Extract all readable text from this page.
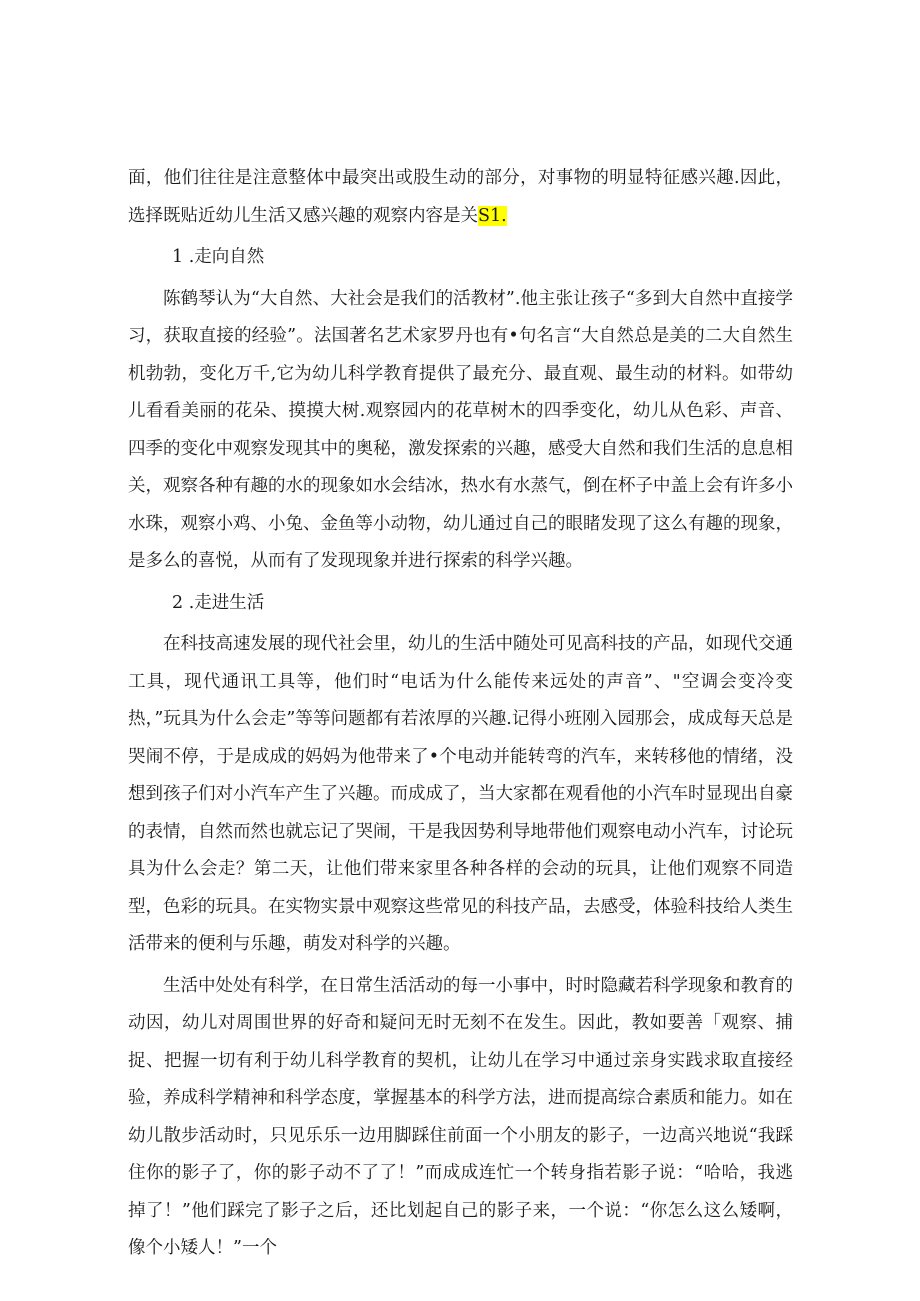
面，他们往往是注意整体中最突出或股生动的部分，对事物的明显特征感兴趣.因此，选择既贴近幼儿生活又感兴趣的观察内容是关S1.

1 .走向自然

陈鹤琴认为“大自然、大社会是我们的活教材”.他主张让孩子“多到大自然中直接学习，获取直接的经验”。法国著名艺术家罗丹也有•句名言“大自然总是美的二大自然生机勃勃，变化万千,它为幼儿科学教育提供了最充分、最直观、最生动的材料。如带幼儿看看美丽的花朵、摸摸大树.观察园内的花草树木的四季变化，幼儿从色彩、声音、四季的变化中观察发现其中的奥秘，激发探索的兴趣，感受大自然和我们生活的息息相关，观察各种有趣的水的现象如水会结冰，热水有水蒸气，倒在杯子中盖上会有许多小水珠，观察小鸡、小兔、金鱼等小动物，幼儿通过自己的眼睹发现了这么有趣的现象，是多么的喜悦，从而有了发现现象并进行探索的科学兴趣。

2 .走进生活

在科技高速发展的现代社会里，幼儿的生活中随处可见高科技的产品，如现代交通工具，现代通讯工具等，他们时“电话为什么能传来远处的声音”、"空调会变冷变热，”玩具为什么会走”等等问题都有若浓厚的兴趣.记得小班刚入园那会，成成每天总是哭闹不停，于是成成的妈妈为他带来了•个电动并能转弯的汽车，来转移他的情绪，没想到孩子们对小汽车产生了兴趣。而成成了，当大家都在观看他的小汽车时显现出自豪的表情，自然而然也就忘记了哭闹，干是我因势利导地带他们观察电动小汽车，讨论玩具为什么会走？第二天，让他们带来家里各种各样的会动的玩具，让他们观察不同造型，色彩的玩具。在实物实景中观察这些常见的科技产品，去感受，体验科技给人类生活带来的便利与乐趣，萌发对科学的兴趣。

生活中处处有科学，在日常生活活动的每一小事中，时时隐藏若科学现象和教育的动因，幼儿对周围世界的好奇和疑问无时无刻不在发生。因此，教如要善「观察、捕捉、把握一切有利于幼儿科学教育的契机，让幼儿在学习中通过亲身实践求取直接经验，养成科学精神和科学态度，掌握基本的科学方法，进而提高综合素质和能力。如在幼儿散步活动时，只见乐乐一边用脚踩住前面一个小朋友的影子，一边高兴地说“我踩住你的影子了，你的影子动不了了！”而成成连忙一个转身指若影子说：“哈哈，我逃掉了！”他们踩完了影子之后，还比划起自己的影子来，一个说：“你怎么这么矮啊，像个小矮人！”一个
